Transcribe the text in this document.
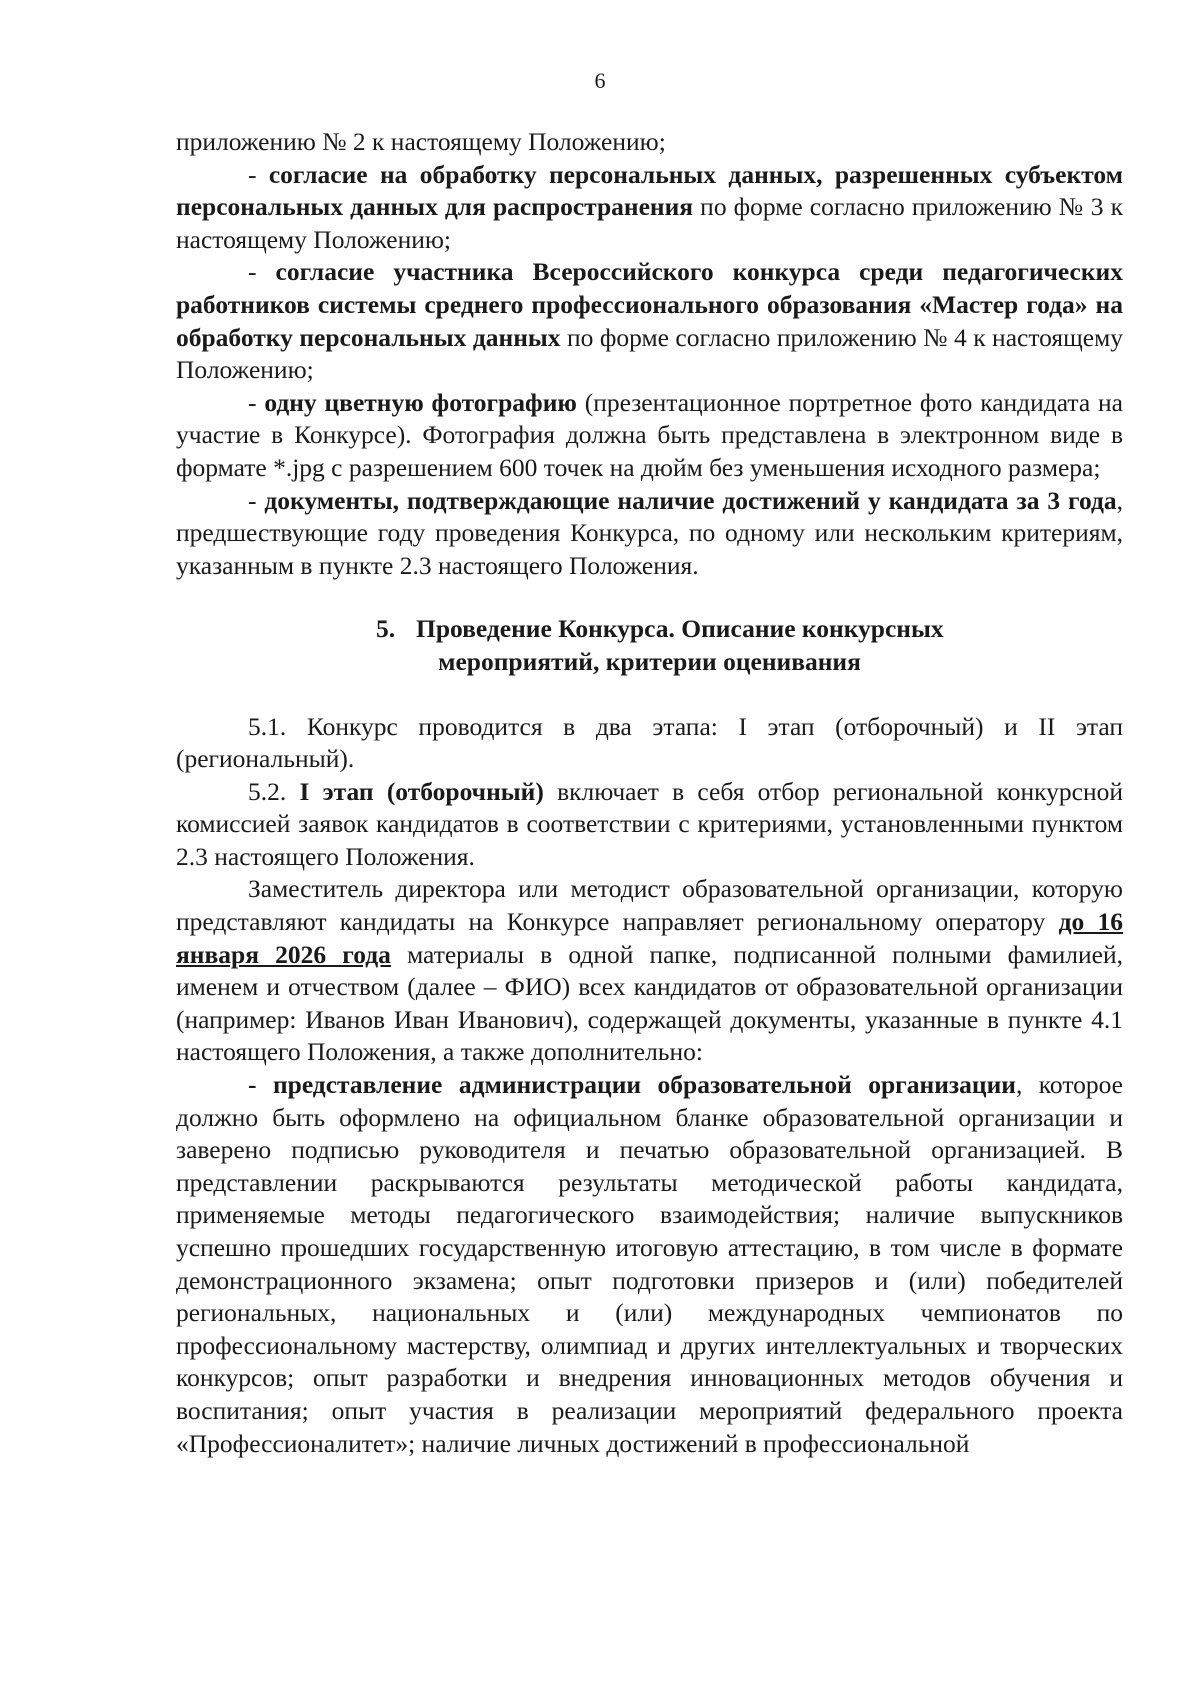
6

приложению № 2 к настоящему Положению;

- согласие на обработку персональных данных, разрешенных субъектом персональных данных для распространения по форме согласно приложению № 3 к настоящему Положению;

- согласие участника Всероссийского конкурса среди педагогических работников системы среднего профессионального образования «Мастер года» на обработку персональных данных по форме согласно приложению № 4 к настоящему Положению;

- одну цветную фотографию (презентационное портретное фото кандидата на участие в Конкурсе). Фотография должна быть представлена в электронном виде в формате *.jpg с разрешением 600 точек на дюйм без уменьшения исходного размера;

- документы, подтверждающие наличие достижений у кандидата за 3 года, предшествующие году проведения Конкурса, по одному или нескольким критериям, указанным в пункте 2.3 настоящего Положения.

5. Проведение Конкурса. Описание конкурсных
мероприятий, критерии оценивания

5.1. Конкурс проводится в два этапа: I этап (отборочный) и II этап (региональный).

5.2. I этап (отборочный) включает в себя отбор региональной конкурсной комиссией заявок кандидатов в соответствии с критериями, установленными пунктом 2.3 настоящего Положения.

Заместитель директора или методист образовательной организации, которую представляют кандидаты на Конкурсе направляет региональному оператору до 16 января 2026 года материалы в одной папке, подписанной полными фамилией, именем и отчеством (далее – ФИО) всех кандидатов от образовательной организации (например: Иванов Иван Иванович), содержащей документы, указанные в пункте 4.1 настоящего Положения, а также дополнительно:

- представление администрации образовательной организации, которое должно быть оформлено на официальном бланке образовательной организации и заверено подписью руководителя и печатью образовательной организацией. В представлении раскрываются результаты методической работы кандидата, применяемые методы педагогического взаимодействия; наличие выпускников успешно прошедших государственную итоговую аттестацию, в том числе в формате демонстрационного экзамена; опыт подготовки призеров и (или) победителей региональных, национальных и (или) международных чемпионатов по профессиональному мастерству, олимпиад и других интеллектуальных и творческих конкурсов; опыт разработки и внедрения инновационных методов обучения и воспитания; опыт участия в реализации мероприятий федерального проекта «Профессионалитет»; наличие личных достижений в профессиональной
